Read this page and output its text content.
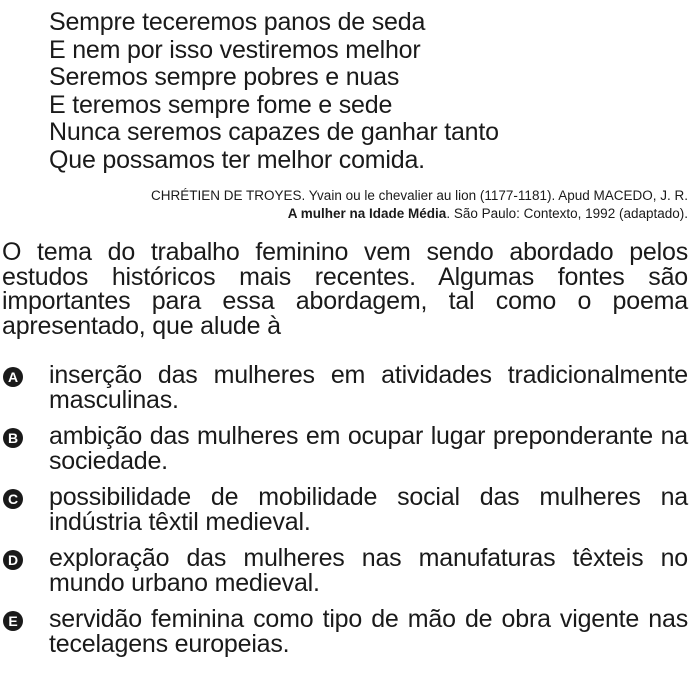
Sempre teceremos panos de seda
E nem por isso vestiremos melhor
Seremos sempre pobres e nuas
E teremos sempre fome e sede
Nunca seremos capazes de ganhar tanto
Que possamos ter melhor comida.
CHRÉTIEN DE TROYES. Yvain ou le chevalier au lion (1177-1181). Apud MACEDO, J. R.
A mulher na Idade Média. São Paulo: Contexto, 1992 (adaptado).

O tema do trabalho feminino vem sendo abordado pelos estudos históricos mais recentes. Algumas fontes são importantes para essa abordagem, tal como o poema apresentado, que alude à

A inserção das mulheres em atividades tradicionalmente masculinas.
B ambição das mulheres em ocupar lugar preponderante na sociedade.
C possibilidade de mobilidade social das mulheres na indústria têxtil medieval.
D exploração das mulheres nas manufaturas têxteis no mundo urbano medieval.
E servidão feminina como tipo de mão de obra vigente nas tecelagens europeias.
